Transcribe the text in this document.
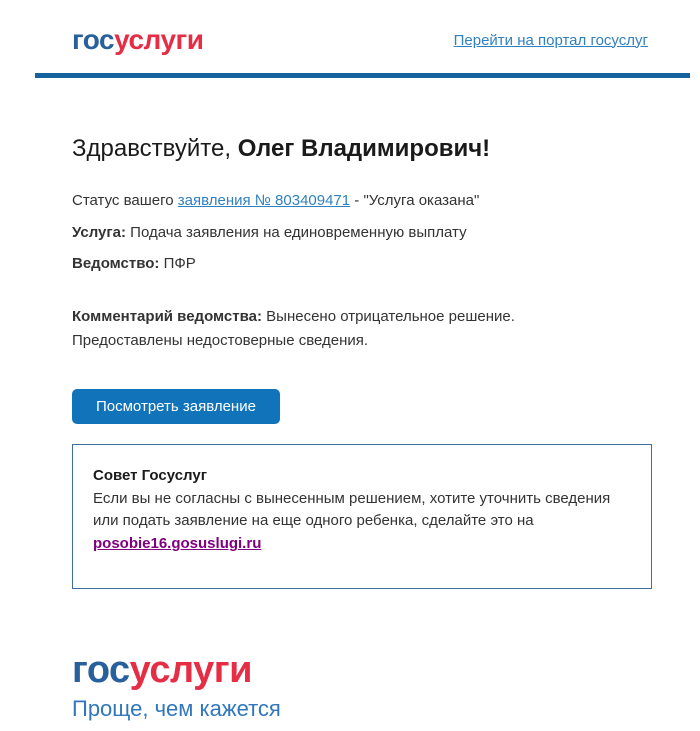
госуслуги	Перейти на портал госуслуг
Здравствуйте, Олег Владимирович!
Статус вашего заявления № 803409471 - "Услуга оказана"
Услуга: Подача заявления на единовременную выплату
Ведомство: ПФР
Комментарий ведомства: Вынесено отрицательное решение. Предоставлены недостоверные сведения.
Посмотреть заявление
Совет Госуслуг
Если вы не согласны с вынесенным решением, хотите уточнить сведения или подать заявление на еще одного ребенка, сделайте это на
posobie16.gosuslugi.ru
госуслуги
Проще, чем кажется
